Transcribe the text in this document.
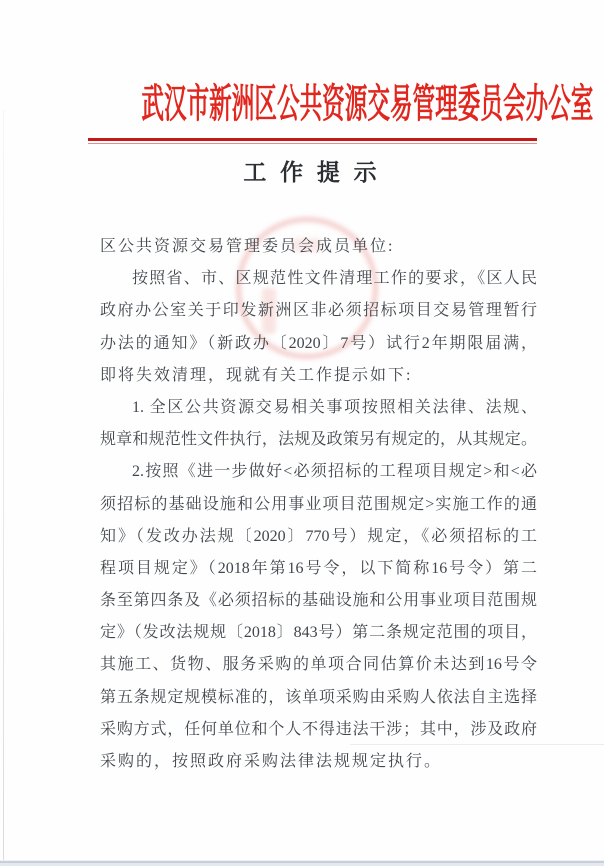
武汉市新洲区公共资源交易管理委员会办公室
工 作 提 示
区公共资源交易管理委员会成员单位:
按照省、市、区规范性文件清理工作的要求，《区人民
政府办公室关于印发新洲区非必须招标项目交易管理暂行
办法的通知》（新政办〔2020〕7号）试行2年期限届满，
即将失效清理，现就有关工作提示如下:
1. 全区公共资源交易相关事项按照相关法律、法规、
规章和规范性文件执行，法规及政策另有规定的，从其规定。
2.按照《进一步做好<必须招标的工程项目规定>和<必
须招标的基础设施和公用事业项目范围规定>实施工作的通
知》（发改办法规〔2020〕770号）规定，《必须招标的工
程项目规定》（2018年第16号令，以下简称16号令）第二
条至第四条及《必须招标的基础设施和公用事业项目范围规
定》（发改法规规〔2018〕843号）第二条规定范围的项目，
其施工、货物、服务采购的单项合同估算价未达到16号令
第五条规定规模标准的，该单项采购由采购人依法自主选择
采购方式，任何单位和个人不得违法干涉；其中，涉及政府
采购的，按照政府采购法律法规规定执行。
